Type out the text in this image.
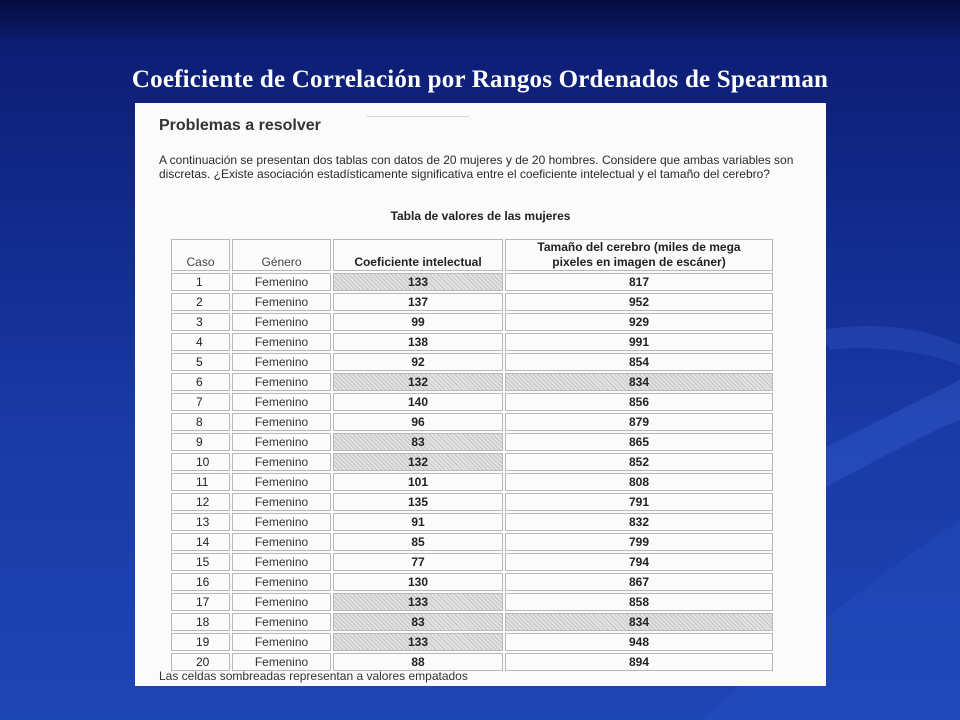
Coeficiente de Correlación por Rangos Ordenados de Spearman
────────────
Problemas a resolver
A continuación se presentan dos tablas con datos de 20 mujeres y de 20 hombres. Considere que ambas variables son discretas. ¿Existe asociación estadísticamente significativa entre el coeficiente intelectual y el tamaño del cerebro?
Tabla de valores de las mujeres
Caso	Género	Coeficiente intelectual	Tamaño del cerebro (miles de mega pixeles en imagen de escáner)
1	Femenino	133	817
2	Femenino	137	952
3	Femenino	99	929
4	Femenino	138	991
5	Femenino	92	854
6	Femenino	132	834
7	Femenino	140	856
8	Femenino	96	879
9	Femenino	83	865
10	Femenino	132	852
11	Femenino	101	808
12	Femenino	135	791
13	Femenino	91	832
14	Femenino	85	799
15	Femenino	77	794
16	Femenino	130	867
17	Femenino	133	858
18	Femenino	83	834
19	Femenino	133	948
20	Femenino	88	894
Las celdas sombreadas representan a valores empatados
